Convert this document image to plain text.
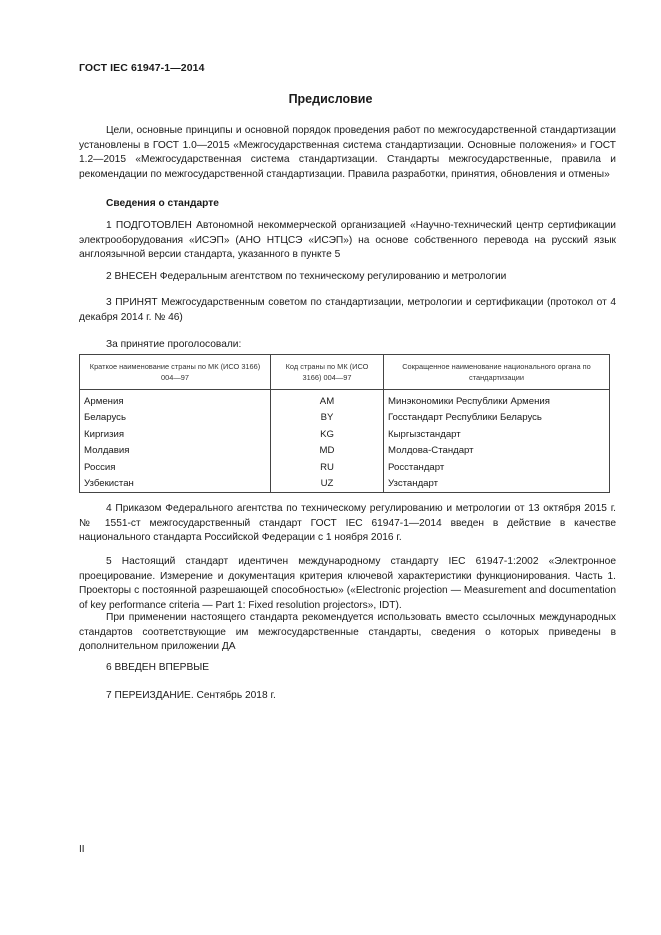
ГОСТ IEC 61947-1—2014
Предисловие

Цели, основные принципы и основной порядок проведения работ по межгосударственной стандартизации установлены в ГОСТ 1.0—2015 «Межгосударственная система стандартизации. Основные положения» и ГОСТ 1.2—2015 «Межгосударственная система стандартизации. Стандарты межгосударственные, правила и рекомендации по межгосударственной стандартизации. Правила разработки, принятия, обновления и отмены»

Сведения о стандарте

1 ПОДГОТОВЛЕН Автономной некоммерческой организацией «Научно-технический центр сертификации электрооборудования «ИСЭП» (АНО НТЦСЭ «ИСЭП») на основе собственного перевода на русский язык англоязычной версии стандарта, указанного в пункте 5

2 ВНЕСЕН Федеральным агентством по техническому регулированию и метрологии

3 ПРИНЯТ Межгосударственным советом по стандартизации, метрологии и сертификации (протокол от 4 декабря 2014 г. № 46)

За принятие проголосовали:

Краткое наименование страны по МК (ИСО 3166) 004—97	Код страны по МК (ИСО 3166) 004—97	Сокращенное наименование национального органа по стандартизации
Армения	AM	Минэкономики Республики Армения
Беларусь	BY	Госстандарт Республики Беларусь
Киргизия	KG	Кыргызстандарт
Молдавия	MD	Молдова-Стандарт
Россия	RU	Росстандарт
Узбекистан	UZ	Узстандарт

4 Приказом Федерального агентства по техническому регулированию и метрологии от 13 октября 2015 г. № 1551-ст межгосударственный стандарт ГОСТ IEC 61947-1—2014 введен в действие в качестве национального стандарта Российской Федерации с 1 ноября 2016 г.

5 Настоящий стандарт идентичен международному стандарту IEC 61947-1:2002 «Электронное проецирование. Измерение и документация критерия ключевой характеристики функционирования. Часть 1. Проекторы с постоянной разрешающей способностью» («Electronic projection — Measurement and documentation of key performance criteria — Part 1: Fixed resolution projectors», IDT).

При применении настоящего стандарта рекомендуется использовать вместо ссылочных международных стандартов соответствующие им межгосударственные стандарты, сведения о которых приведены в дополнительном приложении ДА

6 ВВЕДЕН ВПЕРВЫЕ

7 ПЕРЕИЗДАНИЕ. Сентябрь 2018 г.

II
